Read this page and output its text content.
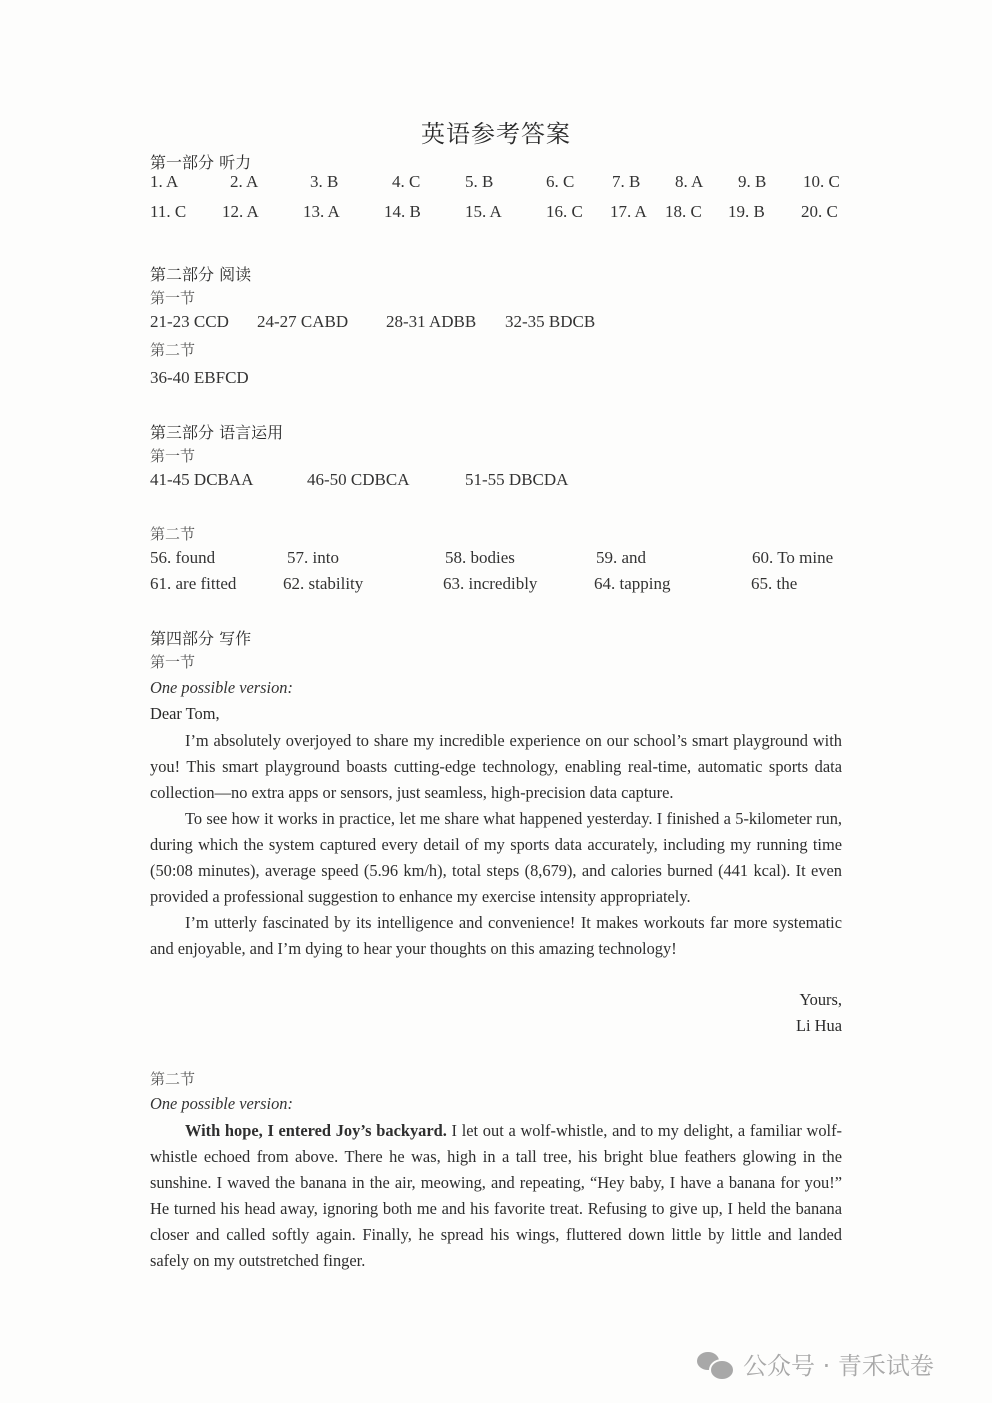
英语参考答案
第一部分 听力
1. A	2. A	3. B	4. C	5. B	6. C 7. B 8. A 9. B 10. C
11. C 12. A	13. A	14. B	15. A	16. C 17. A 18. C 19. B 20. C
第二部分 阅读
第一节
21-23 CCD 24-27 CABD 28-31 ADBB 32-35 BDCB
第二节
36-40 EBFCD
第三部分 语言运用
第一节
41-45 DCBAA	46-50 CDBCA	51-55 DBCDA
第二节
56. found	57. into	58. bodies	59. and	60. To mine
61. are fitted	62. stability	63. incredibly	64. tapping	65. the
第四部分 写作
第一节
One possible version:
Dear Tom,

I’m absolutely overjoyed to share my incredible experience on our school’s smart playground with you! This smart playground boasts cutting-edge technology, enabling real-time, automatic sports data collection—no extra apps or sensors, just seamless, high-precision data capture.

To see how it works in practice, let me share what happened yesterday. I finished a 5-kilometer run, during which the system captured every detail of my sports data accurately, including my running time (50:08 minutes), average speed (5.96 km/h), total steps (8,679), and calories burned (441 kcal). It even provided a professional suggestion to enhance my exercise intensity appropriately.

I’m utterly fascinated by its intelligence and convenience! It makes workouts far more systematic and enjoyable, and I’m dying to hear your thoughts on this amazing technology!

Yours,
Li Hua
第二节
One possible version:

With hope, I entered Joy’s backyard. I let out a wolf-whistle, and to my delight, a familiar wolf-whistle echoed from above. There he was, high in a tall tree, his bright blue feathers glowing in the sunshine. I waved the banana in the air, meowing, and repeating, “Hey baby, I have a banana for you!” He turned his head away, ignoring both me and his favorite treat. Refusing to give up, I held the banana closer and called softly again. Finally, he spread his wings, fluttered down little by little and landed safely on my outstretched finger.

公众号 · 青禾试卷
